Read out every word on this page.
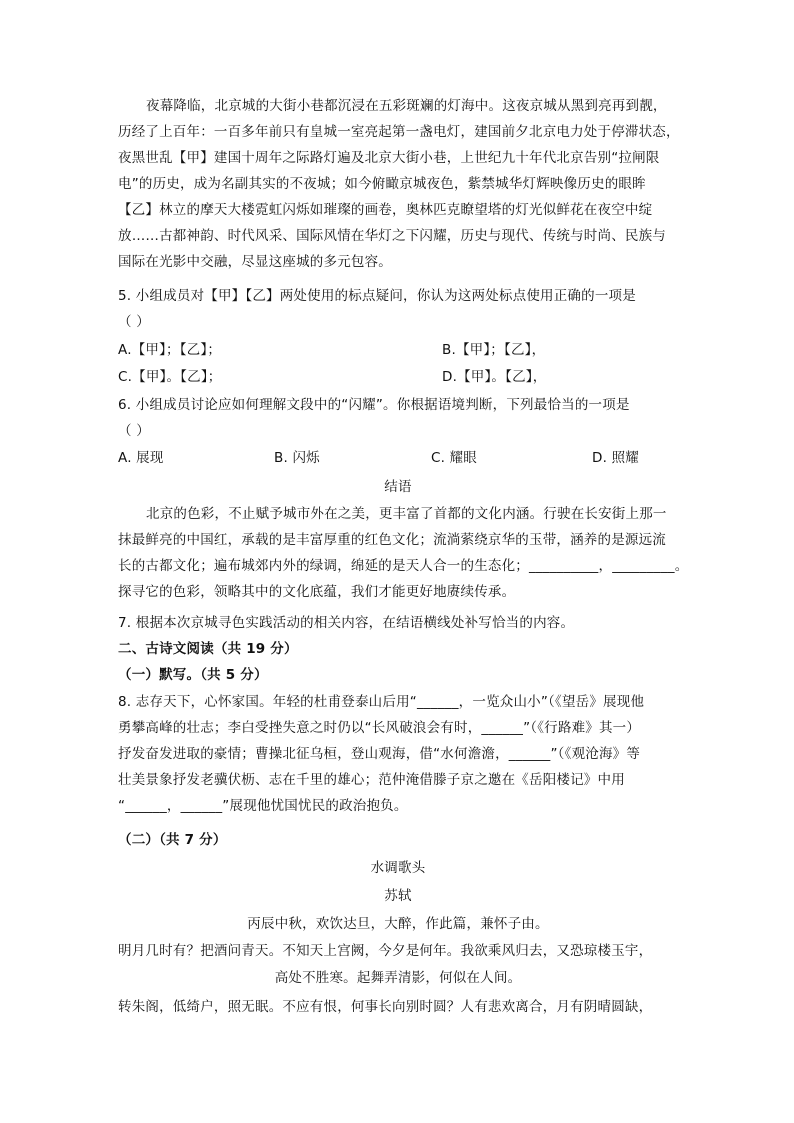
夜幕降临，北京城的大街小巷都沉浸在五彩斑斓的灯海中。这夜京城从黑到亮再到靓，
历经了上百年：一百多年前只有皇城一室亮起第一盏电灯，建国前夕北京电力处于停滞状态，
夜黑世乱【甲】建国十周年之际路灯遍及北京大街小巷，上世纪九十年代北京告别“拉闸限
电”的历史，成为名副其实的不夜城；如今俯瞰京城夜色，紫禁城华灯辉映像历史的眼眸
【乙】林立的摩天大楼霓虹闪烁如璀璨的画卷，奥林匹克瞭望塔的灯光似鲜花在夜空中绽
放……古都神韵、时代风采、国际风情在华灯之下闪耀，历史与现代、传统与时尚、民族与
国际在光影中交融，尽显这座城的多元包容。
5. 小组成员对【甲】【乙】两处使用的标点疑问，你认为这两处标点使用正确的一项是
（ ）
A.【甲】；【乙】；	B.【甲】；【乙】，
C.【甲】。【乙】；	D.【甲】。【乙】，
6. 小组成员讨论应如何理解文段中的“闪耀”。你根据语境判断，下列最恰当的一项是
（ ）
A. 展现	B. 闪烁	C. 耀眼	D. 照耀
结语
北京的色彩，不止赋予城市外在之美，更丰富了首都的文化内涵。行驶在长安街上那一
抹最鲜亮的中国红，承载的是丰富厚重的红色文化；流淌萦绕京华的玉带，涵养的是源远流
长的古都文化；遍布城郊内外的绿调，绵延的是天人合一的生态化；__________，_________。
探寻它的色彩，领略其中的文化底蕴，我们才能更好地赓续传承。
7. 根据本次京城寻色实践活动的相关内容，在结语横线处补写恰当的内容。
二、古诗文阅读（共 19 分）
（一）默写。（共 5 分）
8. 志存天下，心怀家国。年轻的杜甫登泰山后用“______，一览众山小”（《望岳》展现他
勇攀高峰的壮志；李白受挫失意之时仍以“长风破浪会有时，______”（《行路难》其一）
抒发奋发进取的豪情；曹操北征乌桓，登山观海，借“水何澹澹，______”（《观沧海》等
壮美景象抒发老骥伏枥、志在千里的雄心；范仲淹借滕子京之邀在《岳阳楼记》中用
“______，______”展现他忧国忧民的政治抱负。
（二）（共 7 分）
水调歌头
苏轼
丙辰中秋，欢饮达旦，大醉，作此篇，兼怀子由。
明月几时有？把酒问青天。不知天上宫阙，今夕是何年。我欲乘风归去，又恐琼楼玉宇，
高处不胜寒。起舞弄清影，何似在人间。
转朱阁，低绮户，照无眠。不应有恨，何事长向别时圆？人有悲欢离合，月有阴晴圆缺，
